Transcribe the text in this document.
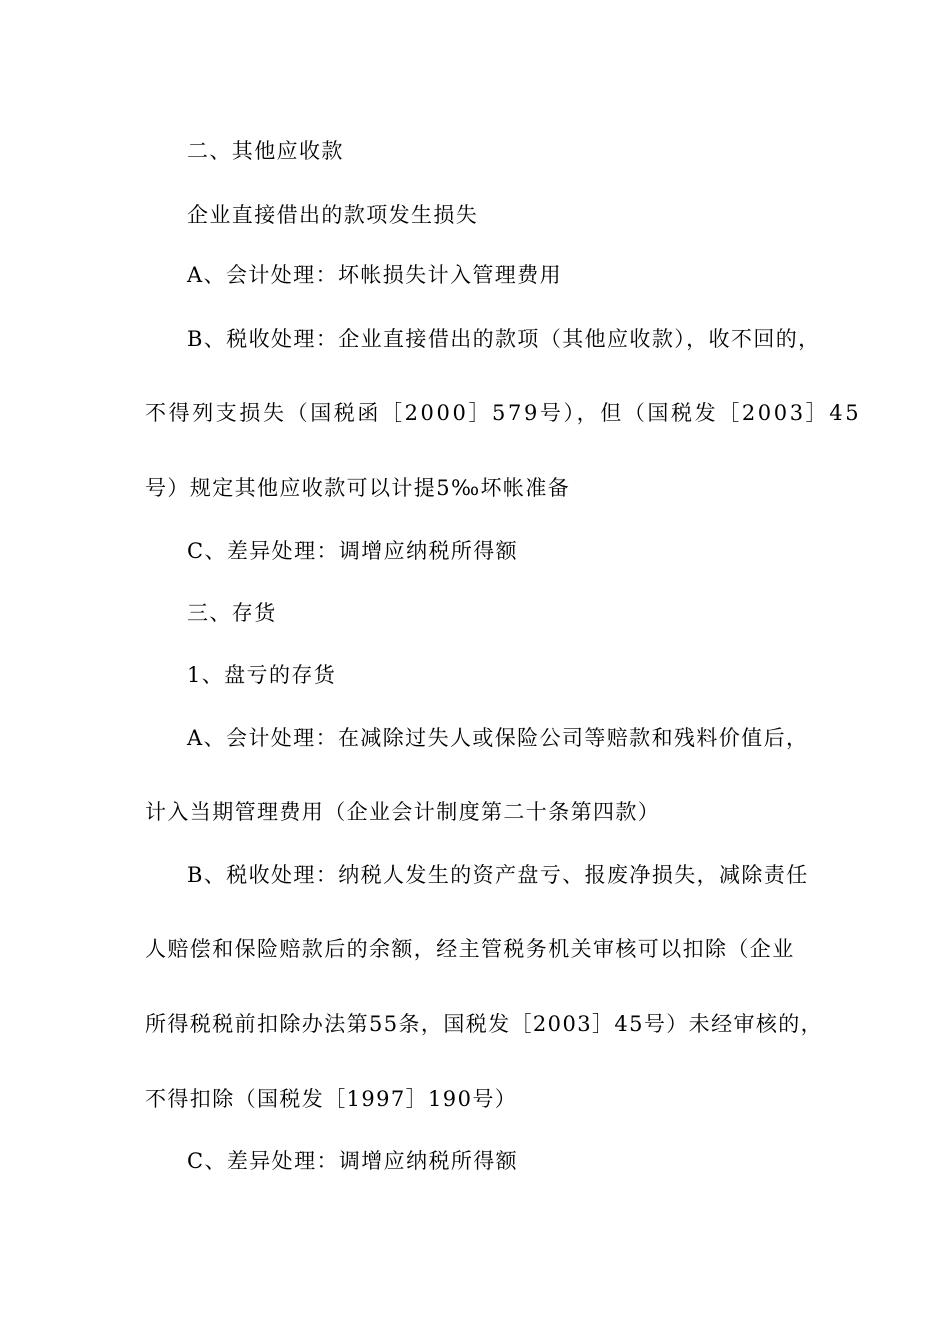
二、其他应收款
企业直接借出的款项发生损失
A、会计处理：坏帐损失计入管理费用
B、税收处理：企业直接借出的款项（其他应收款），收不回的，
不得列支损失（国税函［2000］579号），但（国税发［2003］45
号）规定其他应收款可以计提5‰坏帐准备
C、差异处理：调增应纳税所得额
三、存货
1、盘亏的存货
A、会计处理：在减除过失人或保险公司等赔款和残料价值后，
计入当期管理费用（企业会计制度第二十条第四款）
B、税收处理：纳税人发生的资产盘亏、报废净损失，减除责任
人赔偿和保险赔款后的余额，经主管税务机关审核可以扣除（企业
所得税税前扣除办法第55条，国税发［2003］45号）未经审核的，
不得扣除（国税发［1997］190号）
C、差异处理：调增应纳税所得额
